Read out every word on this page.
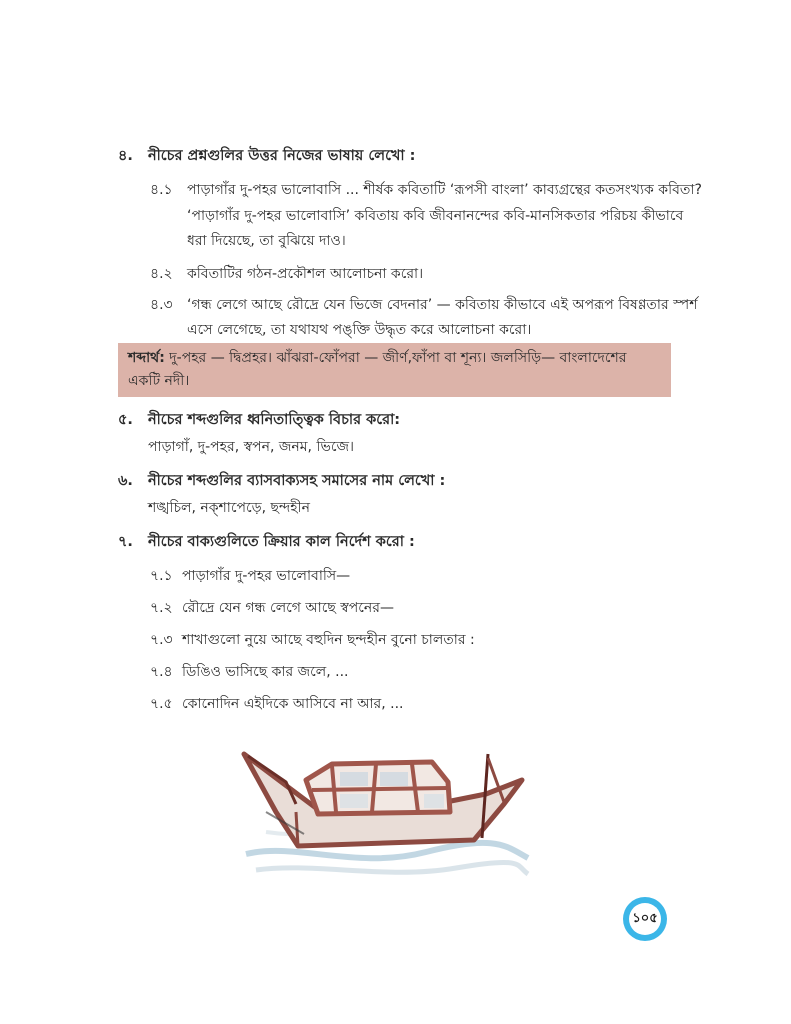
৪. নীচের প্রশ্নগুলির উত্তর নিজের ভাষায় লেখো :
৪.১ পাড়াগাঁর দু-পহর ভালোবাসি ... শীর্ষক কবিতাটি ‘রূপসী বাংলা’ কাব্যগ্রন্থের কতসংখ্যক কবিতা?
‘পাড়াগাঁর দু-পহর ভালোবাসি’ কবিতায় কবি জীবনানন্দের কবি-মানসিকতার পরিচয় কীভাবে
ধরা দিয়েছে, তা বুঝিয়ে দাও।
৪.২ কবিতাটির গঠন-প্রকৌশল আলোচনা করো।
৪.৩ ‘গন্ধ লেগে আছে রৌদ্রে যেন ভিজে বেদনার’ — কবিতায় কীভাবে এই অপরূপ বিষণ্ণতার স্পর্শ
এসে লেগেছে, তা যথাযথ পঙ্‌ক্তি উদ্ধৃত করে আলোচনা করো।
শব্দার্থ: দু-পহর — দ্বিপ্রহর। ঝাঁঝরা-ফোঁপরা — জীর্ণ,ফাঁপা বা শূন্য। জলসিড়ি— বাংলাদেশের
একটি নদী।
৫. নীচের শব্দগুলির ধ্বনিতাত্ত্বিক বিচার করো:
পাড়াগাঁ, দু-পহর, স্বপন, জনম, ভিজে।
৬. নীচের শব্দগুলির ব্যাসবাক্যসহ সমাসের নাম লেখো :
শঙ্খচিল, নক্‌শাপেড়ে, ছন্দহীন
৭. নীচের বাক্যগুলিতে ক্রিয়ার কাল নির্দেশ করো :
৭.১ পাড়াগাঁর দু-পহর ভালোবাসি—
৭.২ রৌদ্রে যেন গন্ধ লেগে আছে স্বপনের—
৭.৩ শাখাগুলো নুয়ে আছে বহুদিন ছন্দহীন বুনো চালতার :
৭.৪ ডিঙিও ভাসিছে কার জলে, ...
৭.৫ কোনোদিন এইদিকে আসিবে না আর, ...
১০৫
